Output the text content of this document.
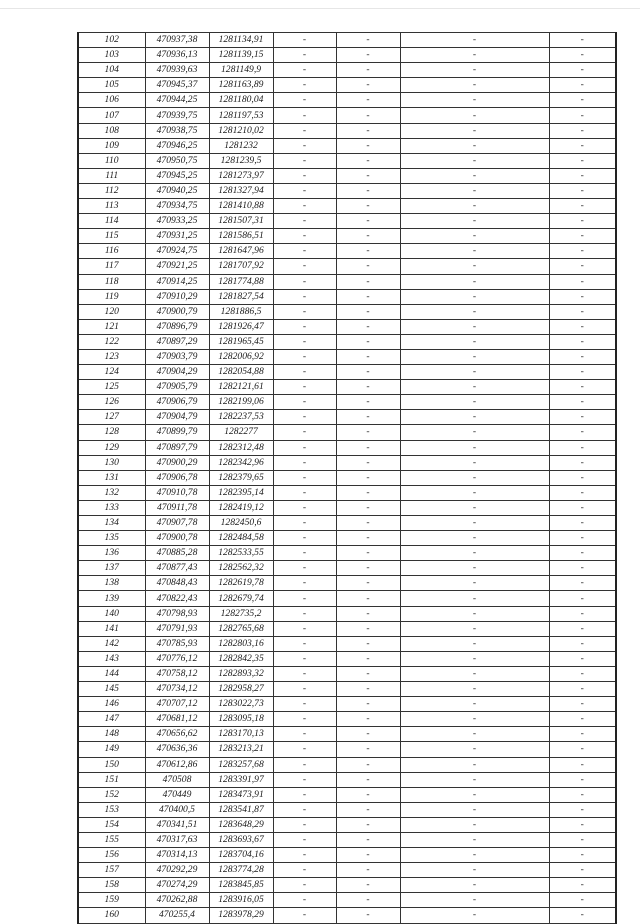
102	470937,38	1281134,91	-	-	-	-
103	470936,13	1281139,15	-	-	-	-
104	470939,63	1281149,9	-	-	-	-
105	470945,37	1281163,89	-	-	-	-
106	470944,25	1281180,04	-	-	-	-
107	470939,75	1281197,53	-	-	-	-
108	470938,75	1281210,02	-	-	-	-
109	470946,25	1281232	-	-	-	-
110	470950,75	1281239,5	-	-	-	-
111	470945,25	1281273,97	-	-	-	-
112	470940,25	1281327,94	-	-	-	-
113	470934,75	1281410,88	-	-	-	-
114	470933,25	1281507,31	-	-	-	-
115	470931,25	1281586,51	-	-	-	-
116	470924,75	1281647,96	-	-	-	-
117	470921,25	1281707,92	-	-	-	-
118	470914,25	1281774,88	-	-	-	-
119	470910,29	1281827,54	-	-	-	-
120	470900,79	1281886,5	-	-	-	-
121	470896,79	1281926,47	-	-	-	-
122	470897,29	1281965,45	-	-	-	-
123	470903,79	1282006,92	-	-	-	-
124	470904,29	1282054,88	-	-	-	-
125	470905,79	1282121,61	-	-	-	-
126	470906,79	1282199,06	-	-	-	-
127	470904,79	1282237,53	-	-	-	-
128	470899,79	1282277	-	-	-	-
129	470897,79	1282312,48	-	-	-	-
130	470900,29	1282342,96	-	-	-	-
131	470906,78	1282379,65	-	-	-	-
132	470910,78	1282395,14	-	-	-	-
133	470911,78	1282419,12	-	-	-	-
134	470907,78	1282450,6	-	-	-	-
135	470900,78	1282484,58	-	-	-	-
136	470885,28	1282533,55	-	-	-	-
137	470877,43	1282562,32	-	-	-	-
138	470848,43	1282619,78	-	-	-	-
139	470822,43	1282679,74	-	-	-	-
140	470798,93	1282735,2	-	-	-	-
141	470791,93	1282765,68	-	-	-	-
142	470785,93	1282803,16	-	-	-	-
143	470776,12	1282842,35	-	-	-	-
144	470758,12	1282893,32	-	-	-	-
145	470734,12	1282958,27	-	-	-	-
146	470707,12	1283022,73	-	-	-	-
147	470681,12	1283095,18	-	-	-	-
148	470656,62	1283170,13	-	-	-	-
149	470636,36	1283213,21	-	-	-	-
150	470612,86	1283257,68	-	-	-	-
151	470508	1283391,97	-	-	-	-
152	470449	1283473,91	-	-	-	-
153	470400,5	1283541,87	-	-	-	-
154	470341,51	1283648,29	-	-	-	-
155	470317,63	1283693,67	-	-	-	-
156	470314,13	1283704,16	-	-	-	-
157	470292,29	1283774,28	-	-	-	-
158	470274,29	1283845,85	-	-	-	-
159	470262,88	1283916,05	-	-	-	-
160	470255,4	1283978,29	-	-	-	-
